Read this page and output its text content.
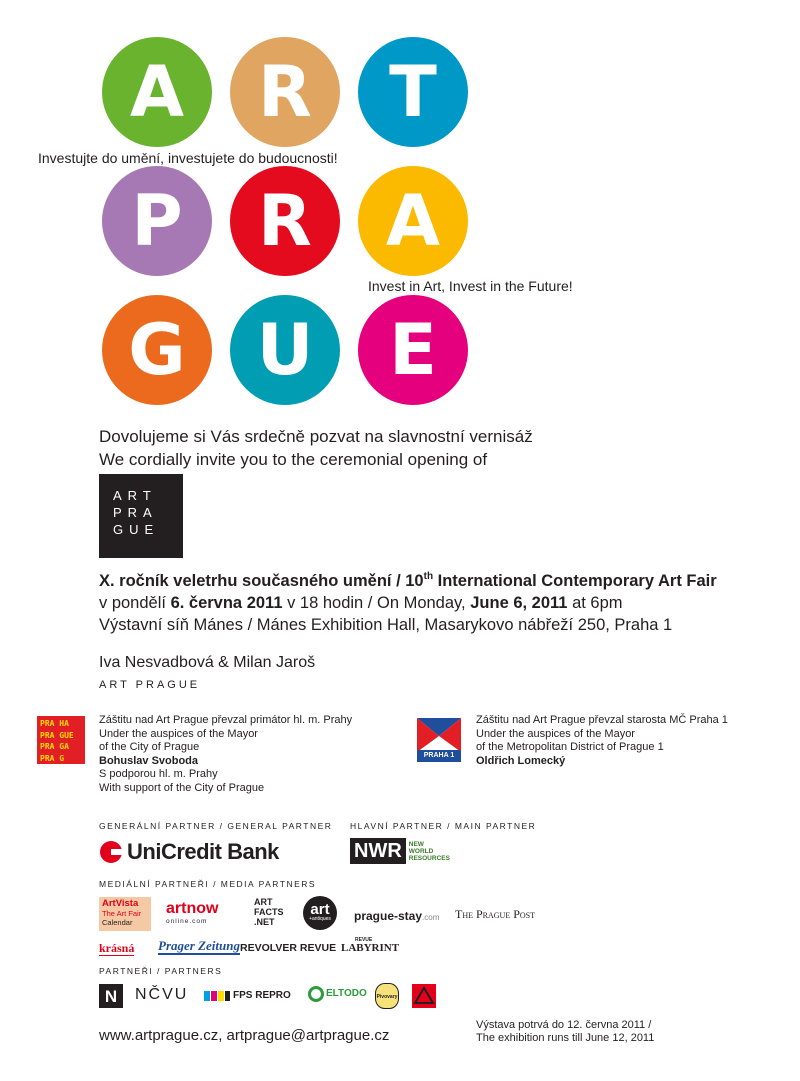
A	R	T
P	R	A
G	U	E
Investujte do umění, investujete do budoucnosti!
Invest in Art, Invest in the Future!
Dovolujeme si Vás srdečně pozvat na slavnostní vernisáž
We cordially invite you to the ceremonial opening of
ART
PRA
GUE
X. ročník veletrhu současného umění / 10th International Contemporary Art Fair
v pondělí 6. června 2011 v 18 hodin / On Monday, June 6, 2011 at 6pm
Výstavní síň Mánes / Mánes Exhibition Hall, Masarykovo nábřeží 250, Praha 1
Iva Nesvadbová & Milan Jaroš
ART PRAGUE
PRA HA
PRA GUE
PRA GA
PRA G
Záštitu nad Art Prague převzal primátor hl. m. Prahy
Under the auspices of the Mayor
of the City of Prague
Bohuslav Svoboda
S podporou hl. m. Prahy
With support of the City of Prague
PRAHA 1
Záštitu nad Art Prague převzal starosta MČ Praha 1
Under the auspices of the Mayor
of the Metropolitan District of Prague 1
Oldřich Lomecký
GENERÁLNÍ PARTNER / GENERAL PARTNER HLAVNÍ PARTNER / MAIN PARTNER
MEDIÁLNÍ PARTNEŘI / MEDIA PARTNERS
PARTNEŘI / PARTNERS
UniCredit Bank	NWR	NEW
WORLD
RESOURCES
ArtVista
The Art Fair
Calendar
artnow
online.com
ART
FACTS
.NET
art
+antiques	prague-stay.com The Prague Post
krásná Prager Zeitung REVOLVER REVUE
REVUE
LABYRINT
N	NČVU	FPS REPRO	ELTODO	Pivovary
www.artprague.cz, artprague@artprague.cz
Výstava potrvá do 12. června 2011 /
The exhibition runs till June 12, 2011
